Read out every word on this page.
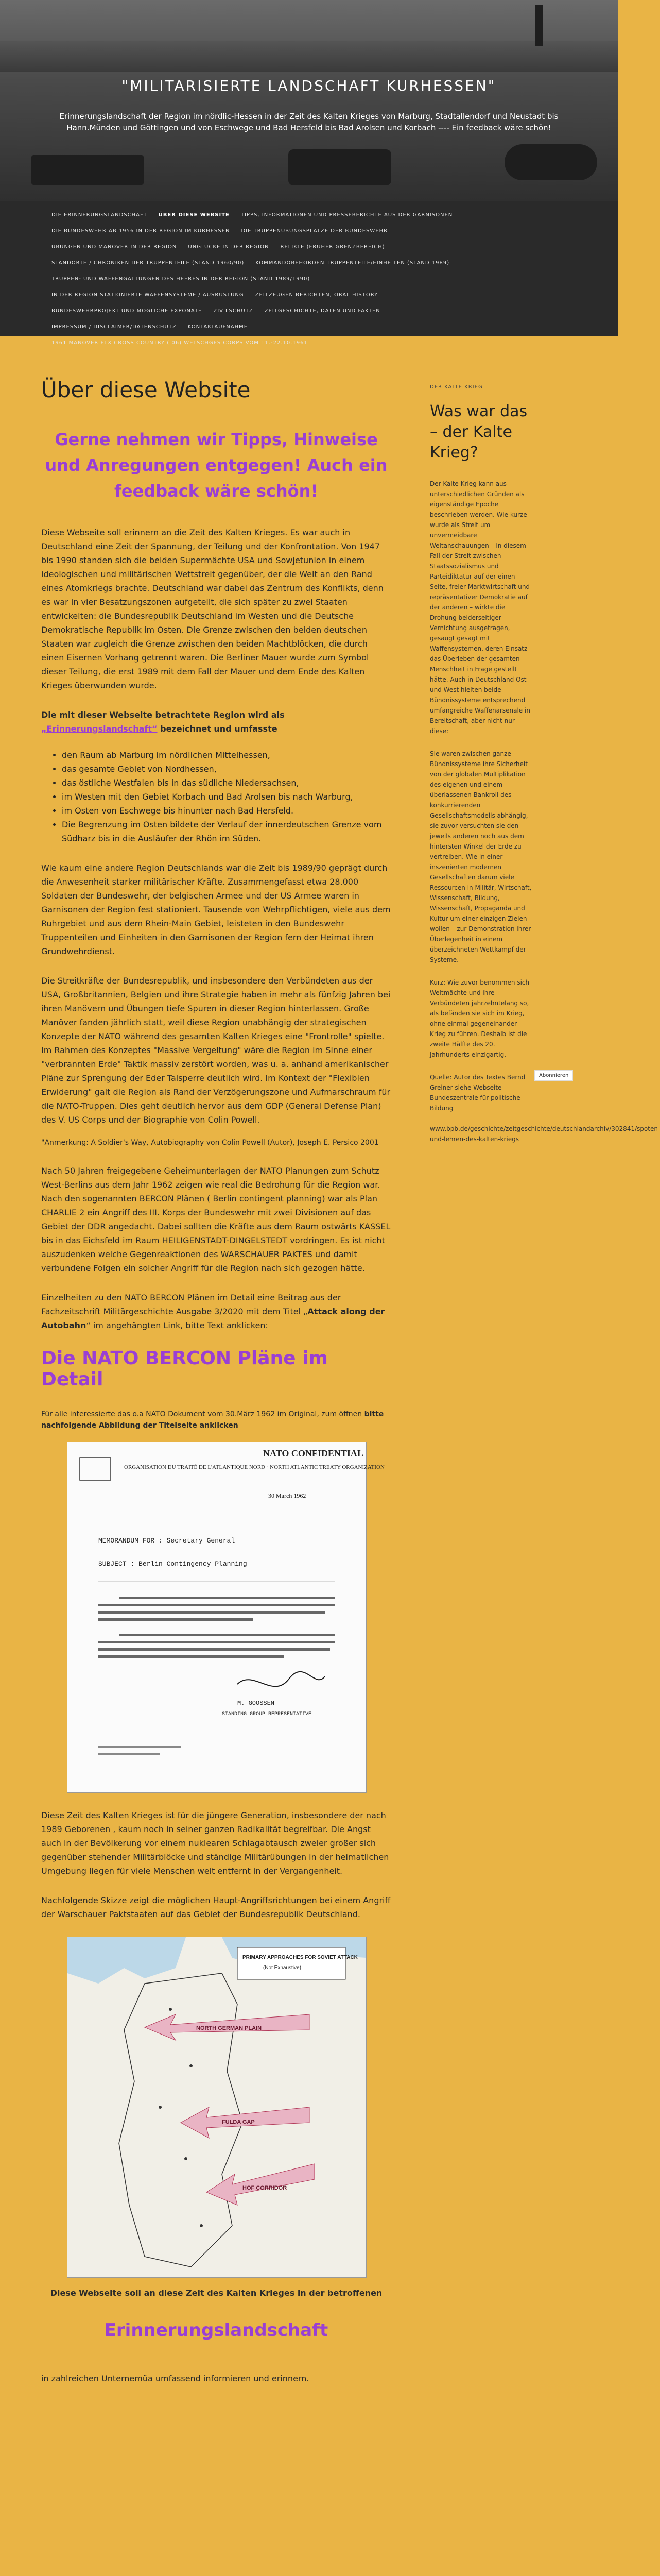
"MILITARISIERTE LANDSCHAFT KURHESSEN"
Erinnerungslandschaft der Region im nördlic-Hessen in der Zeit des Kalten Krieges von Marburg, Stadtallendorf und Neustadt bis Hann.Münden und Göttingen und von Eschwege und Bad Hersfeld bis Bad Arolsen und Korbach ---- Ein feedback wäre schön!
DIE ERINNERUNGSLANDSCHAFT	ÜBER DIESE WEBSITE	TIPPS, INFORMATIONEN UND PRESSEBERICHTE AUS DER GARNISONEN
DIE BUNDESWEHR AB 1956 IN DER REGION IM KURHESSEN	DIE TRUPPENÜBUNGSPLÄTZE DER BUNDESWEHR
ÜBUNGEN UND MANÖVER IN DER REGION	UNGLÜCKE IN DER REGION	RELIKTE (FRÜHER GRENZBEREICH)
STANDORTE / CHRONIKEN DER TRUPPENTEILE (STAND 1960/90)	KOMMANDOBEHÖRDEN TRUPPENTEILE/EINHEITEN (STAND 1989)
TRUPPEN- UND WAFFENGATTUNGEN DES HEERES IN DER REGION (STAND 1989/1990)
IN DER REGION STATIONIERTE WAFFENSYSTEME / AUSRÜSTUNG	ZEITZEUGEN BERICHTEN, ORAL HISTORY
BUNDESWEHRPROJEKT UND MÖGLICHE EXPONATE	ZIVILSCHUTZ	ZEITGESCHICHTE, DATEN UND FAKTEN
IMPRESSUM / DISCLAIMER/DATENSCHUTZ	KONTAKTAUFNAHME
1961 MANÖVER FTX CROSS COUNTRY ( 06) WELSCHGES CORPS VOM 11.-22.10.1961
Über diese Website
Gerne nehmen wir Tipps, Hinweise und Anregungen entgegen! Auch ein feedback wäre schön!

Diese Webseite soll erinnern an die Zeit des Kalten Krieges. Es war auch in Deutschland eine Zeit der Spannung, der Teilung und der Konfrontation. Von 1947 bis 1990 standen sich die beiden Supermächte USA und Sowjetunion in einem ideologischen und militärischen Wettstreit gegenüber, der die Welt an den Rand eines Atomkriegs brachte. Deutschland war dabei das Zentrum des Konflikts, denn es war in vier Besatzungszonen aufgeteilt, die sich später zu zwei Staaten entwickelten: die Bundesrepublik Deutschland im Westen und die Deutsche Demokratische Republik im Osten. Die Grenze zwischen den beiden deutschen Staaten war zugleich die Grenze zwischen den beiden Machtblöcken, die durch einen Eisernen Vorhang getrennt waren. Die Berliner Mauer wurde zum Symbol dieser Teilung, die erst 1989 mit dem Fall der Mauer und dem Ende des Kalten Krieges überwunden wurde.

Die mit dieser Webseite betrachtete Region wird als „Erinnerungslandschaft“ bezeichnet und umfasste

• den Raum ab Marburg im nördlichen Mittelhessen,
• das gesamte Gebiet von Nordhessen,
• das östliche Westfalen bis in das südliche Niedersachsen,
• im Westen mit den Gebiet Korbach und Bad Arolsen bis nach Warburg,
• im Osten von Eschwege bis hinunter nach Bad Hersfeld.
• Die Begrenzung im Osten bildete der Verlauf der innerdeutschen Grenze vom Südharz bis in die Ausläufer der Rhön im Süden.

Wie kaum eine andere Region Deutschlands war die Zeit bis 1989/90 geprägt durch die Anwesenheit starker militärischer Kräfte. Zusammengefasst etwa 28.000 Soldaten der Bundeswehr, der belgischen Armee und der US Armee waren in Garnisonen der Region fest stationiert. Tausende von Wehrpflichtigen, viele aus dem Ruhrgebiet und aus dem Rhein-Main Gebiet, leisteten in den Bundeswehr Truppenteilen und Einheiten in den Garnisonen der Region fern der Heimat ihren Grundwehrdienst.

Die Streitkräfte der Bundesrepublik, und insbesondere den Verbündeten aus der USA, Großbritannien, Belgien und ihre Strategie haben in mehr als fünfzig Jahren bei ihren Manövern und Übungen tiefe Spuren in dieser Region hinterlassen. Große Manöver fanden jährlich statt, weil diese Region unabhängig der strategischen Konzepte der NATO während des gesamten Kalten Krieges eine "Frontrolle" spielte. Im Rahmen des Konzeptes "Massive Vergeltung" wäre die Region im Sinne einer "verbrannten Erde" Taktik massiv zerstört worden, was u. a. anhand amerikanischer Pläne zur Sprengung der Eder Talsperre deutlich wird. Im Kontext der "Flexiblen Erwiderung" galt die Region als Rand der Verzögerungszone und Aufmarschraum für die NATO-Truppen. Dies geht deutlich hervor aus dem GDP (General Defense Plan) des V. US Corps und der Biographie von Colin Powell.

"Anmerkung: A Soldier's Way, Autobiography von Colin Powell (Autor), Joseph E. Persico 2001

Nach 50 Jahren freigegebene Geheimunterlagen der NATO Planungen zum Schutz West-Berlins aus dem Jahr 1962 zeigen wie real die Bedrohung für die Region war. Nach den sogenannten BERCON Plänen ( Berlin contingent planning) war als Plan CHARLIE 2 ein Angriff des III. Korps der Bundeswehr mit zwei Divisionen auf das Gebiet der DDR angedacht. Dabei sollten die Kräfte aus dem Raum ostwärts KASSEL bis in das Eichsfeld im Raum HEILIGENSTADT-DINGELSTEDT vordringen. Es ist nicht auszudenken welche Gegenreaktionen des WARSCHAUER PAKTES und damit verbundene Folgen ein solcher Angriff für die Region nach sich gezogen hätte.

Einzelheiten zu den NATO BERCON Plänen im Detail eine Beitrag aus der Fachzeitschrift Militärgeschichte Ausgabe 3/2020 mit dem Titel „Attack along der Autobahn“ im angehängten Link, bitte Text anklicken:

Die NATO BERCON Pläne im Detail

Für alle interessierte das o.a NATO Dokument vom 30.März 1962 im Original, zum öffnen bitte nachfolgende Abbildung der Titelseite anklicken

ORGANISATION DU TRAITÉ DE L'ATLANTIQUE NORD · NORTH ATLANTIC TREATY ORGANIZATION
NATO CONFIDENTIAL
30 March 1962
MEMORANDUM FOR : Secretary General
SUBJECT : Berlin Contingency Planning
M. GOOSSEN
STANDING GROUP REPRESENTATIVE

Diese Zeit des Kalten Krieges ist für die jüngere Generation, insbesondere der nach 1989 Geborenen , kaum noch in seiner ganzen Radikalität begreifbar. Die Angst auch in der Bevölkerung vor einem nuklearen Schlagabtausch zweier großer sich gegenüber stehender Militärblöcke und ständige Militärübungen in der heimatlichen Umgebung liegen für viele Menschen weit entfernt in der Vergangenheit.

Nachfolgende Skizze zeigt die möglichen Haupt-Angriffsrichtungen bei einem Angriff der Warschauer Paktstaaten auf das Gebiet der Bundesrepublik Deutschland.

PRIMARY APPROACHES FOR SOVIET ATTACK
(Not Exhaustive)
NORTH GERMAN PLAIN
FULDA GAP
HOF CORRIDOR

Diese Webseite soll an diese Zeit des Kalten Krieges in der betroffenen

Erinnerungslandschaft

in zahlreichen Unternemüa umfassend informieren und erinnern.

DER KALTE KRIEG
Was war das – der Kalte Krieg?

Der Kalte Krieg kann aus unterschiedlichen Gründen als eigenständige Epoche beschrieben werden. Wie kurze wurde als Streit um unvermeidbare Weltanschauungen – in diesem Fall der Streit zwischen Staatssozialismus und Parteidiktatur auf der einen Seite, freier Marktwirtschaft und repräsentativer Demokratie auf der anderen – wirkte die Drohung beiderseitiger Vernichtung ausgetragen, gesaugt gesagt mit Waffensystemen, deren Einsatz das Überleben der gesamten Menschheit in Frage gestellt hätte. Auch in Deutschland Ost und West hielten beide Bündnissysteme entsprechend umfangreiche Waffenarsenale in Bereitschaft, aber nicht nur diese:

Sie waren zwischen ganze Bündnissysteme ihre Sicherheit von der globalen Multiplikation des eigenen und einem überlassenen Bankroll des konkurrierenden Gesellschaftsmodells abhängig, sie zuvor versuchten sie den jeweils anderen noch aus dem hintersten Winkel der Erde zu vertreiben. Wie in einer inszenierten modernen Gesellschaften darum viele Ressourcen in Militär, Wirtschaft, Wissenschaft, Bildung, Wissenschaft, Propaganda und Kultur um einer einzigen Zielen wollen – zur Demonstration ihrer Überlegenheit in einem überzeichneten Wettkampf der Systeme.

Kurz: Wie zuvor benommen sich Weltmächte und ihre Verbündeten jahrzehntelang so, als befänden sie sich im Krieg, ohne einmal gegeneinander Krieg zu führen. Deshalb ist die zweite Hälfte des 20. Jahrhunderts einzigartig.

Quelle: Autor des Textes Bernd Greiner siehe Webseite Bundeszentrale für politische Bildung

www.bpb.de/geschichte/zeitgeschichte/deutschlandarchiv/302841/spoten-und-lehren-des-kalten-kriegs

Abonnieren
